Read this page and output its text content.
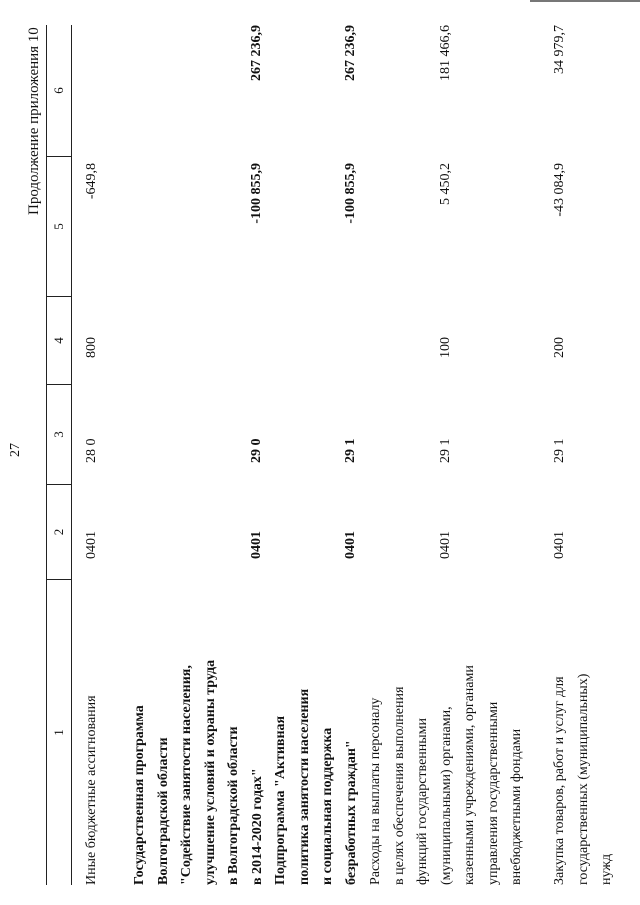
27
Продолжение приложения 10
1
2
3
4
5
6
Иные бюджетные ассигнования
0401
28 0
800
-649,8
Государственная программа Волгоградской области "Содействие занятости населения, улучшение условий и охраны труда в Волгоградской области в 2014-2020 годах"
0401
29 0
-100 855,9
267 236,9
Подпрограмма "Активная политика занятости населения и социальная поддержка безработных граждан"
0401
29 1
-100 855,9
267 236,9
Расходы на выплаты персоналу в целях обеспечения выполнения функций государственными (муниципальными) органами, казенными учреждениями, органами управления государственными внебюджетными фондами
0401
29 1
100
5 450,2
181 466,6
Закупка товаров, работ и услуг для государственных (муниципальных) нужд
0401
29 1
200
-43 084,9
34 979,7
